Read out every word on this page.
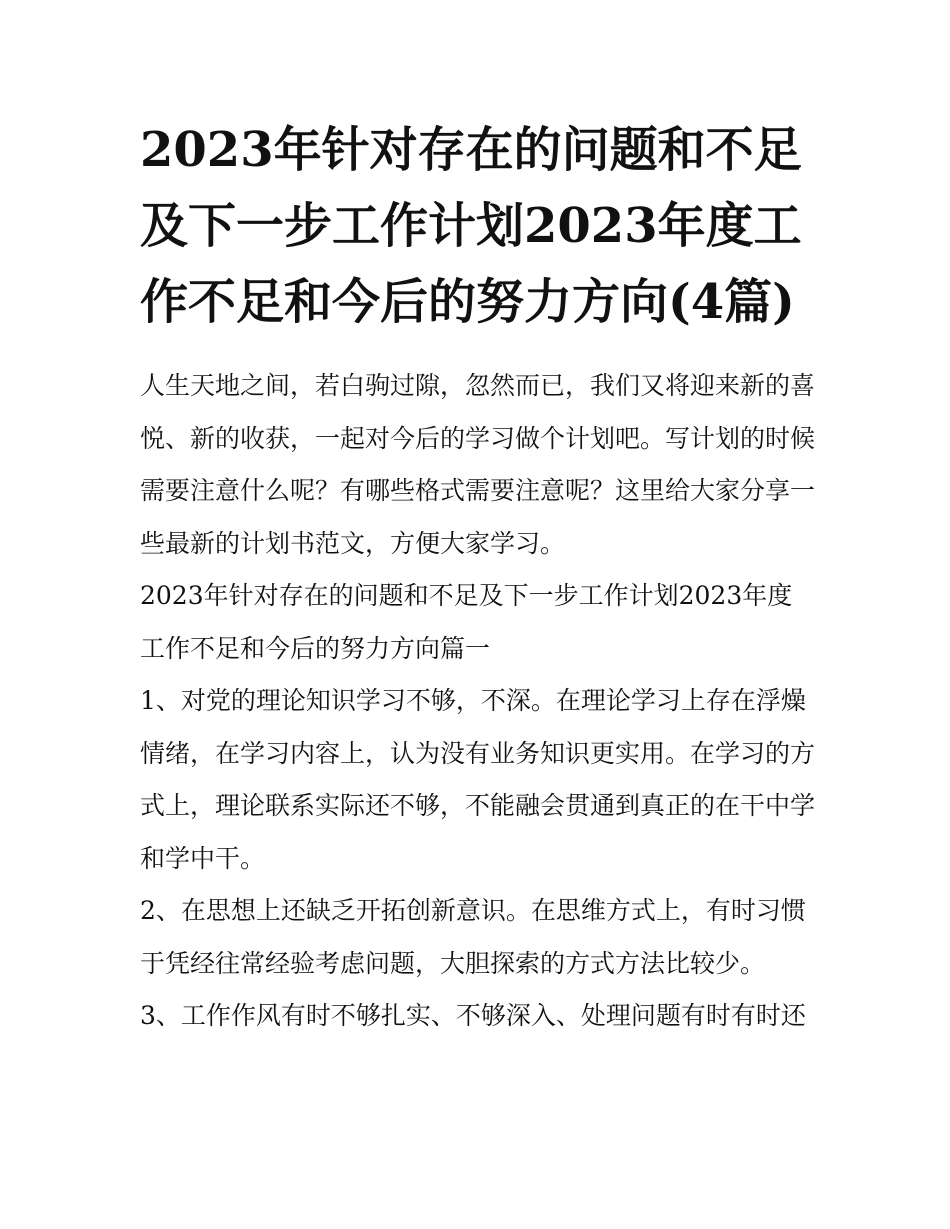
2023年针对存在的问题和不足及下一步工作计划2023年度工作不足和今后的努力方向(4篇)

人生天地之间，若白驹过隙，忽然而已，我们又将迎来新的喜悦、新的收获，一起对今后的学习做个计划吧。写计划的时候需要注意什么呢？有哪些格式需要注意呢？这里给大家分享一些最新的计划书范文，方便大家学习。

2023年针对存在的问题和不足及下一步工作计划2023年度工作不足和今后的努力方向篇一

1、对党的理论知识学习不够，不深。在理论学习上存在浮燥情绪，在学习内容上，认为没有业务知识更实用。在学习的方式上，理论联系实际还不够，不能融会贯通到真正的在干中学和学中干。

2、在思想上还缺乏开拓创新意识。在思维方式上，有时习惯于凭经往常经验考虑问题，大胆探索的方式方法比较少。

3、工作作风有时不够扎实、不够深入、处理问题有时有时还
